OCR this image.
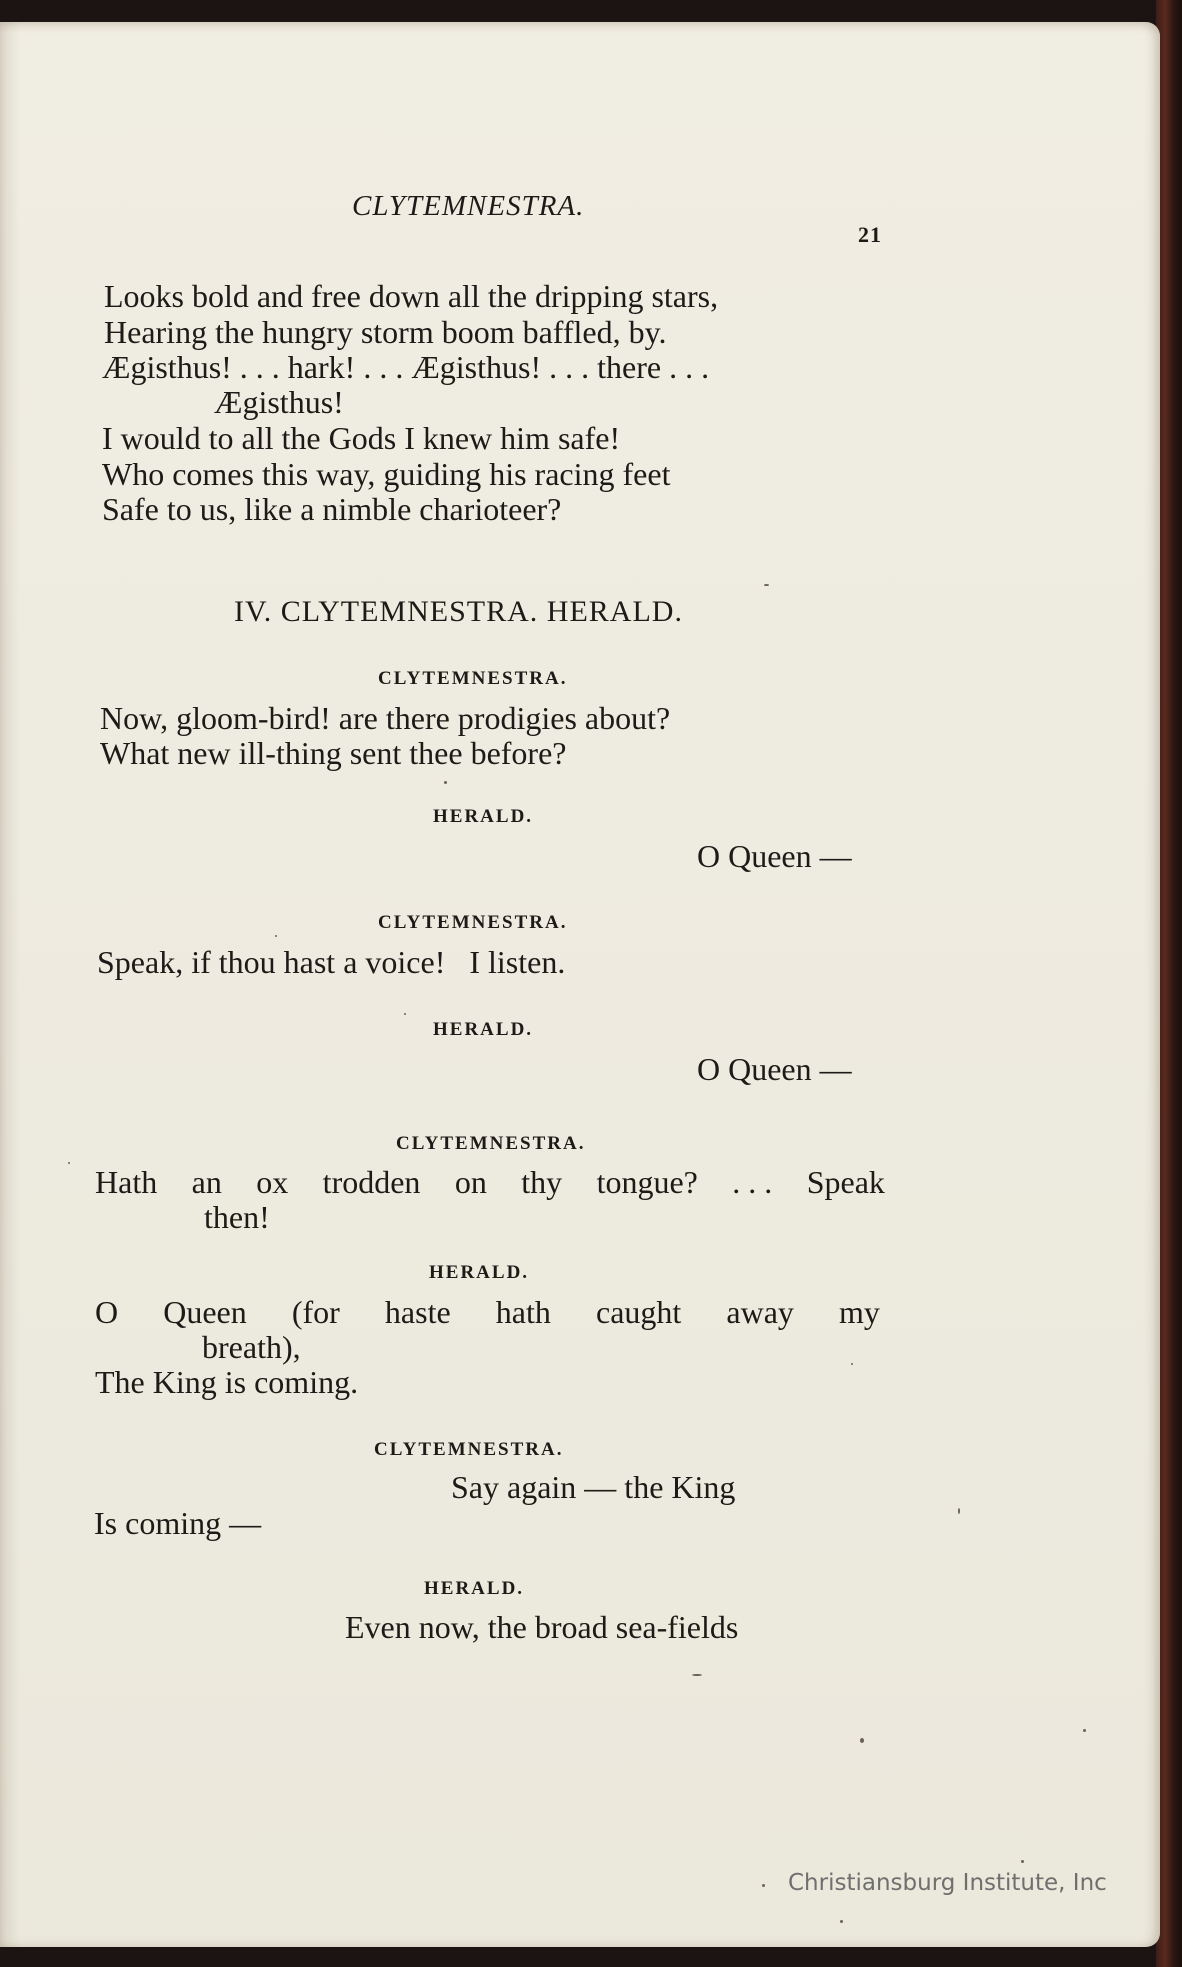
CLYTEMNESTRA.
21
Looks bold and free down all the dripping stars,
Hearing the hungry storm boom baffled, by.
Ægisthus! . . . hark! . . . Ægisthus! . . . there . . .
Ægisthus!
I would to all the Gods I knew him safe!
Who comes this way, guiding his racing feet
Safe to us, like a nimble charioteer?
IV. CLYTEMNESTRA. HERALD.
CLYTEMNESTRA.
Now, gloom-bird! are there prodigies about?
What new ill-thing sent thee before?
HERALD.
O Queen —
CLYTEMNESTRA.
Speak, if thou hast a voice!   I listen.
HERALD.
O Queen —
CLYTEMNESTRA.
Hath an ox trodden on thy tongue? . . . Speak
then!
HERALD.
O Queen (for haste hath caught away my
breath),
The King is coming.
CLYTEMNESTRA.
Say again — the King
Is coming —
HERALD.
Even now, the broad sea-fields
Christiansburg Institute, Inc
